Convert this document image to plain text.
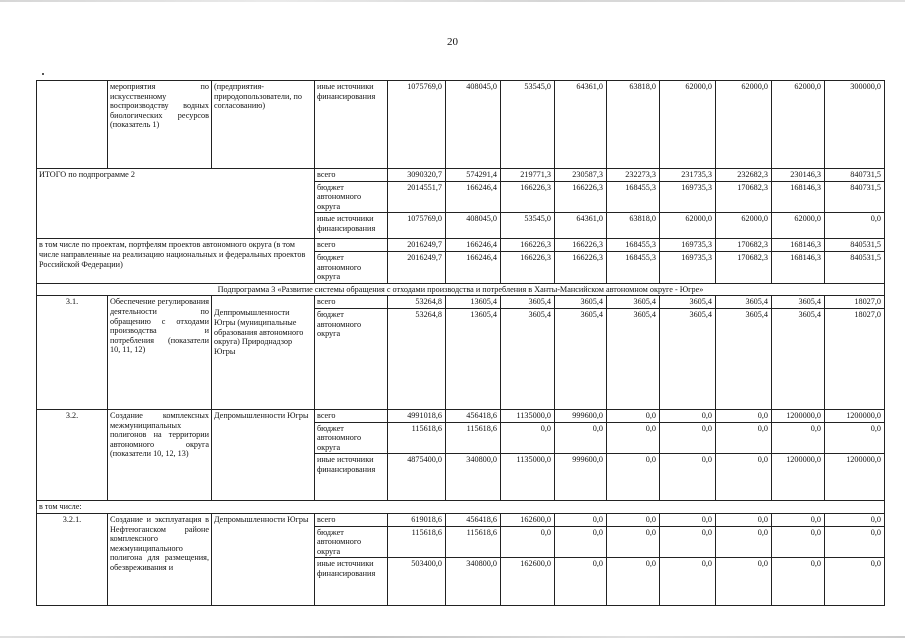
20
	мероприятия по искусственному воспроизводству водных биологических ресурсов (показатель 1)	(предприятия-природопользователи, по согласованию)	иные источники финансирования	1075769,0	408045,0	53545,0	64361,0	63818,0	62000,0	62000,0	62000,0	300000,0
ИТОГО по подпрограмме 2			всего	3090320,7	574291,4	219771,3	230587,3	232273,3	231735,3	232682,3	230146,3	840731,5
			бюджет автономного округа	2014551,7	166246,4	166226,3	166226,3	168455,3	169735,3	170682,3	168146,3	840731,5
			иные источники финансирования	1075769,0	408045,0	53545,0	64361,0	63818,0	62000,0	62000,0	62000,0	0,0
в том числе по проектам, портфелям проектов автономного округа (в том числе направленные на реализацию национальных и федеральных проектов Российской Федерации)			всего	2016249,7	166246,4	166226,3	166226,3	168455,3	169735,3	170682,3	168146,3	840531,5
			бюджет автономного округа	2016249,7	166246,4	166226,3	166226,3	168455,3	169735,3	170682,3	168146,3	840531,5
Подпрограмма 3 «Развитие системы обращения с отходами производства и потребления в Ханты-Мансийском автономном округе - Югре»												
3.1.	Обеспечение регулирования деятельности по обращению с отходами производства и потребления (показатели 10, 11, 12)	Деппромышленности Югры (муниципальные образования автономного округа) Природнадзор Югры	всего	53264,8	13605,4	3605,4	3605,4	3605,4	3605,4	3605,4	3605,4	18027,0
			бюджет автономного округа	53264,8	13605,4	3605,4	3605,4	3605,4	3605,4	3605,4	3605,4	18027,0
3.2.	Создание комплексных межмуниципальных полигонов на территории автономного округа (показатели 10, 12, 13)	Депромышленности Югры	всего	4991018,6	456418,6	1135000,0	999600,0	0,0	0,0	0,0	1200000,0	1200000,0
			бюджет автономного округа	115618,6	115618,6	0,0	0,0	0,0	0,0	0,0	0,0	0,0
			иные источники финансирования	4875400,0	340800,0	1135000,0	999600,0	0,0	0,0	0,0	1200000,0	1200000,0
в том числе:												
3.2.1.	Создание и эксплуатация в Нефтеюганском районе комплексного межмуниципального полигона для размещения, обезвреживания и	Депромышленности Югры	всего	619018,6	456418,6	162600,0	0,0	0,0	0,0	0,0	0,0	0,0
			бюджет автономного округа	115618,6	115618,6	0,0	0,0	0,0	0,0	0,0	0,0	0,0
			иные источники финансирования	503400,0	340800,0	162600,0	0,0	0,0	0,0	0,0	0,0	0,0
